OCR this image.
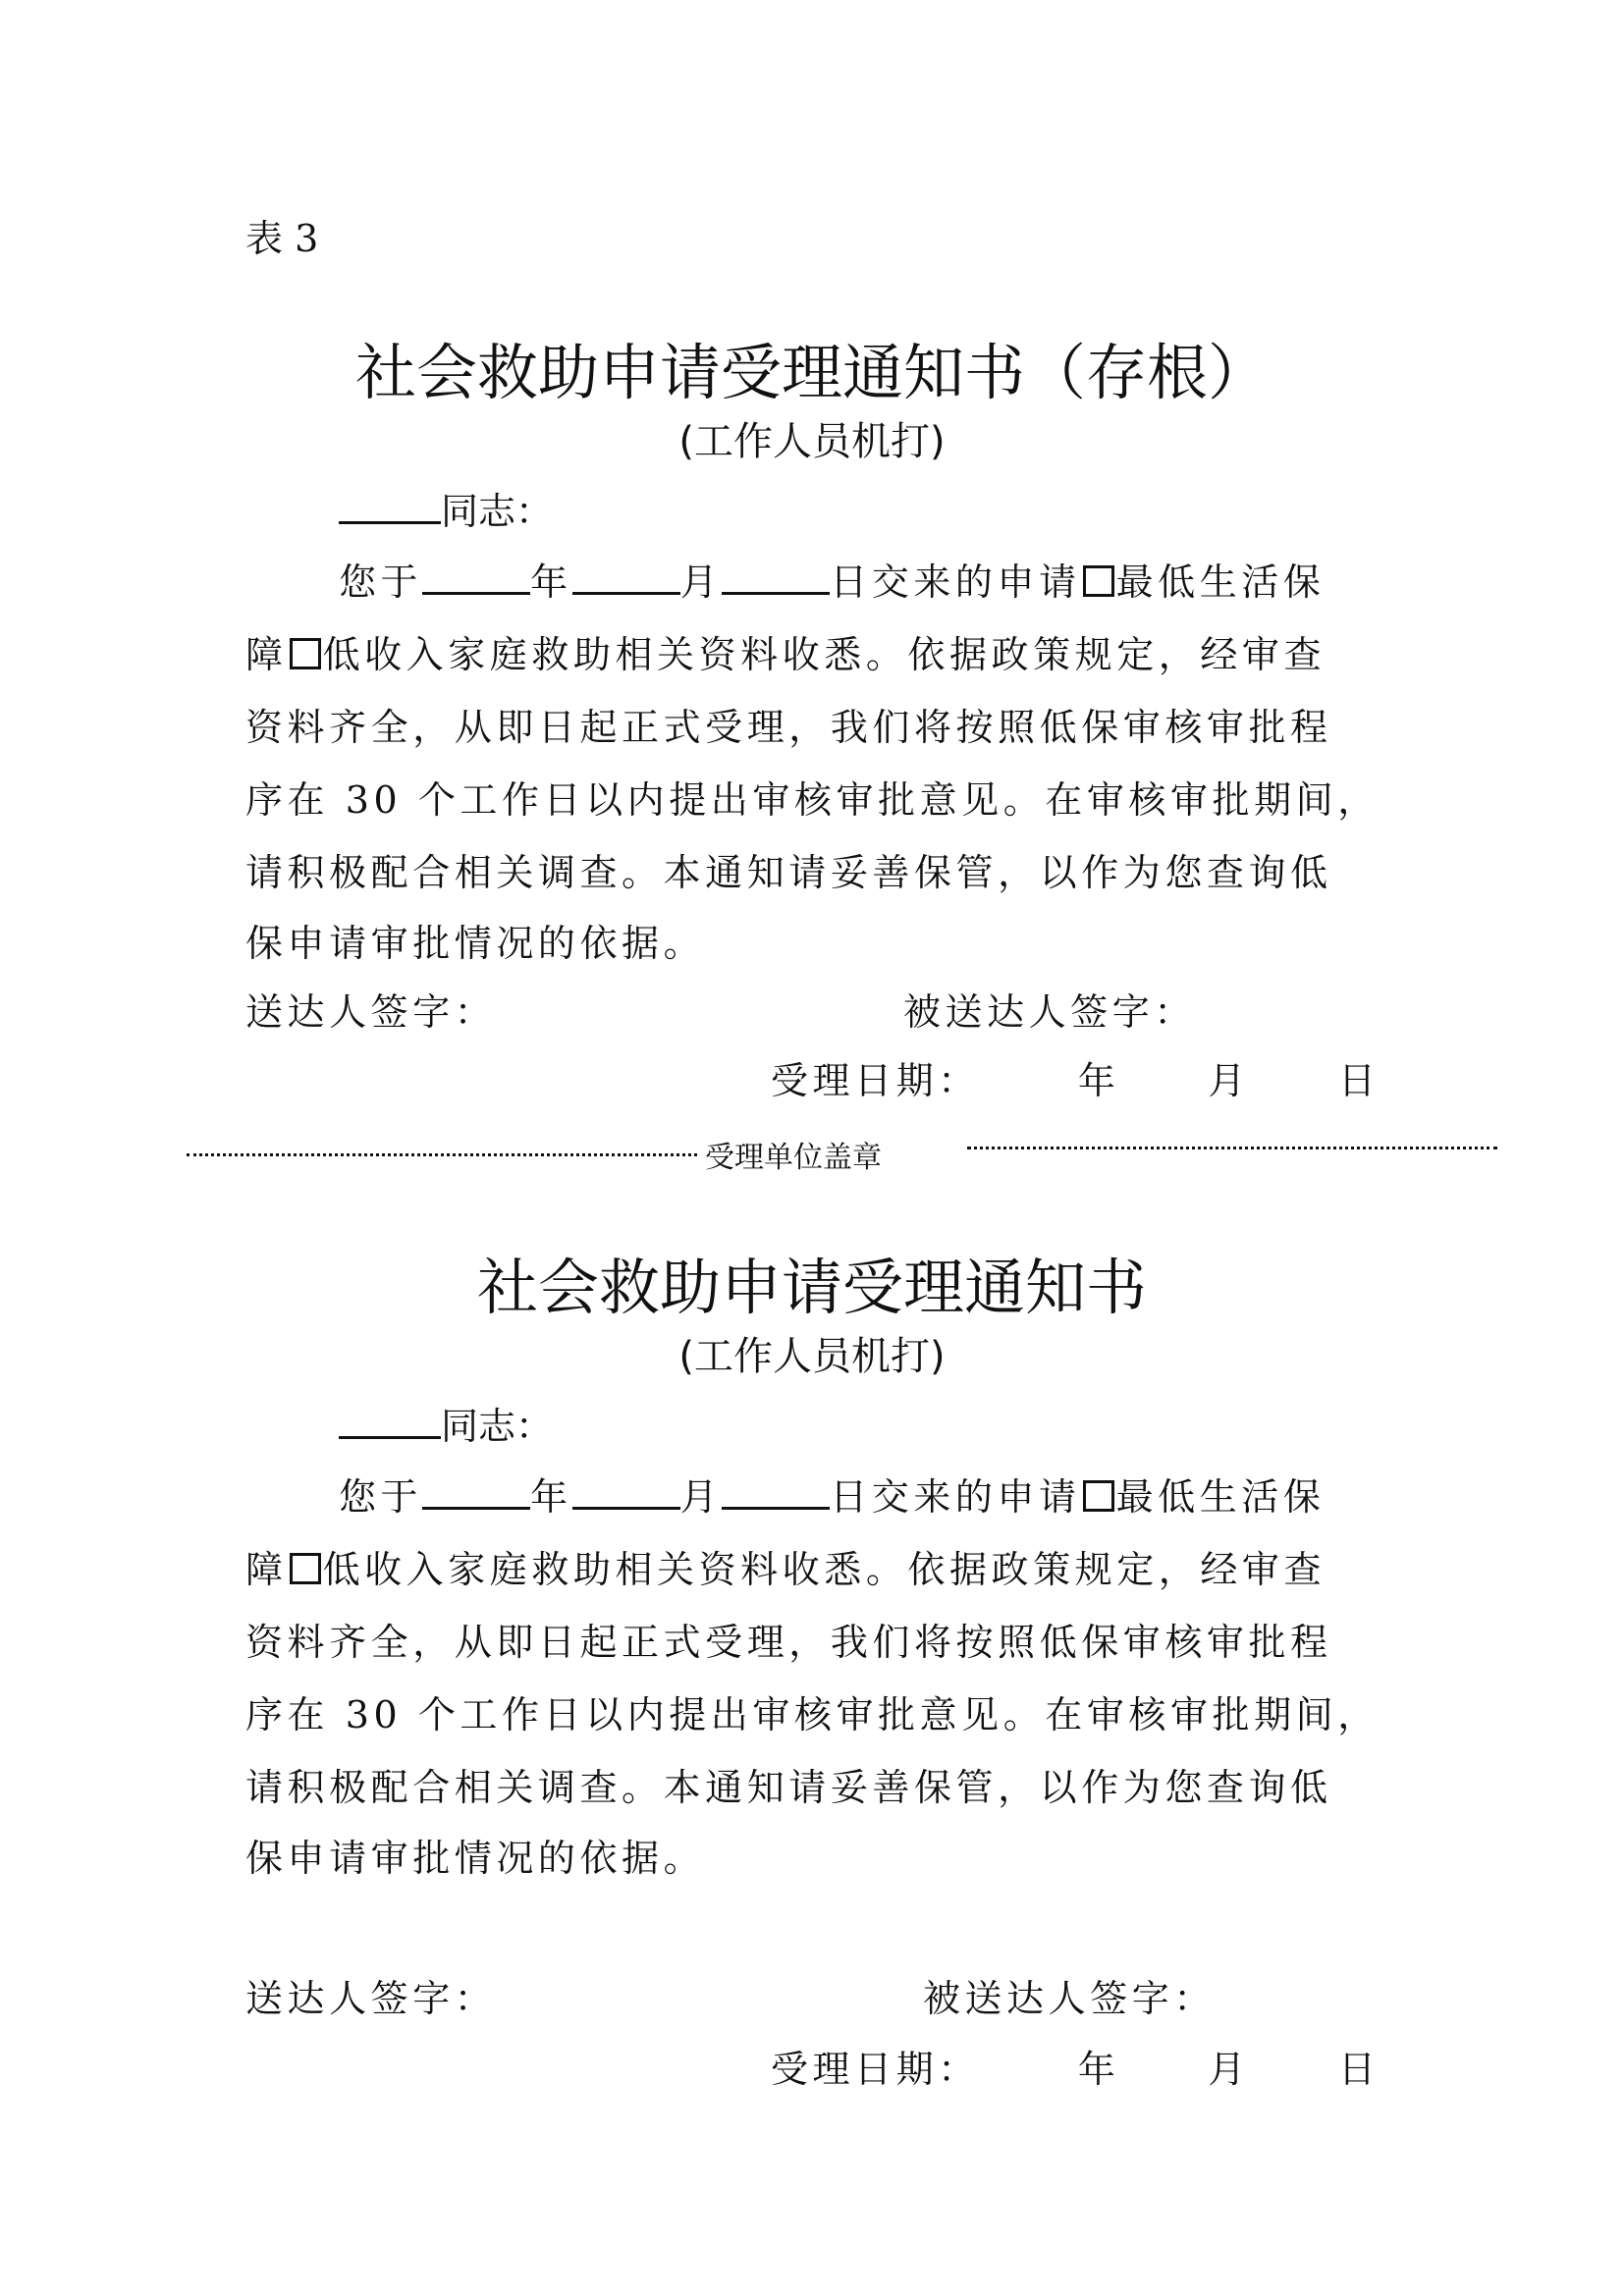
表 3
社会救助申请受理通知书（存根）
(工作人员机打)
同志：
您于	年	月	日交来的申请 最低生活保
障 低收入家庭救助相关资料收悉。依据政策规定，经审查
资料齐全，从即日起正式受理，我们将按照低保审核审批程
序在 30 个工作日以内提出审核审批意见。在审核审批期间，
请积极配合相关调查。本通知请妥善保管，以作为您查询低
保申请审批情况的依据。
送达人签字：	被送达人签字：
受理日期：	年 月 日
受理单位盖章
社会救助申请受理通知书
(工作人员机打)
同志：
您于	年	月	日交来的申请 最低生活保
障 低收入家庭救助相关资料收悉。依据政策规定，经审查
资料齐全，从即日起正式受理，我们将按照低保审核审批程
序在 30 个工作日以内提出审核审批意见。在审核审批期间，
请积极配合相关调查。本通知请妥善保管，以作为您查询低
保申请审批情况的依据。
送达人签字：	被送达人签字：
受理日期：	年 月 日
